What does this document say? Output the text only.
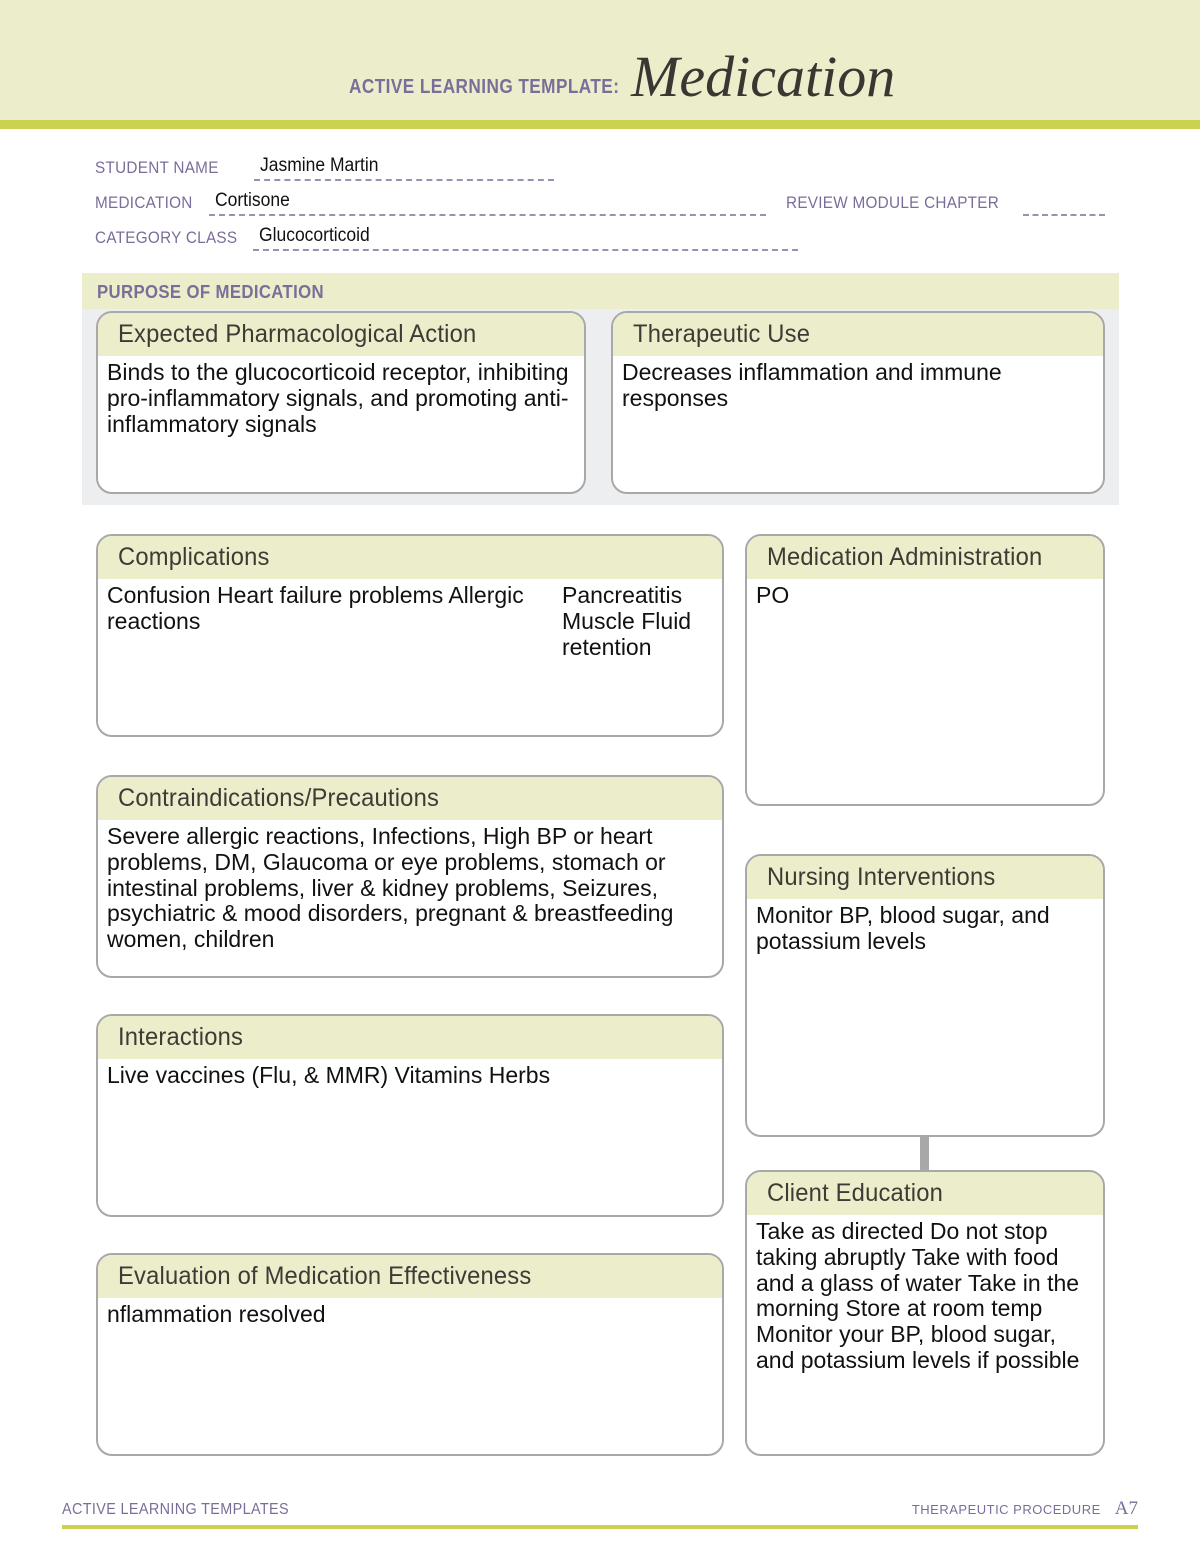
ACTIVE LEARNING TEMPLATE: Medication
STUDENT NAME Jasmine Martin
MEDICATION Cortisone	REVIEW MODULE CHAPTER
CATEGORY CLASS Glucocorticoid
PURPOSE OF MEDICATION
Expected Pharmacological Action
Binds to the glucocorticoid receptor, inhibiting pro-inflammatory signals, and promoting anti-inflammatory signals
Therapeutic Use
Decreases inflammation and immune responses
Complications
Confusion Heart failure problems Allergic reactions
Pancreatitis Muscle Fluid retention
Contraindications/Precautions
Severe allergic reactions, Infections, High BP or heart problems, DM, Glaucoma or eye problems, stomach or intestinal problems, liver & kidney problems, Seizures, psychiatric & mood disorders, pregnant & breastfeeding women, children
Interactions
Live vaccines (Flu, & MMR) Vitamins Herbs
Evaluation of Medication Effectiveness
nflammation resolved
Medication Administration
PO
Nursing Interventions
Monitor BP, blood sugar, and potassium levels
Client Education
Take as directed Do not stop taking abruptly Take with food and a glass of water Take in the morning Store at room temp Monitor your BP, blood sugar, and potassium levels if possible
ACTIVE LEARNING TEMPLATES	THERAPEUTIC PROCEDURE A7
